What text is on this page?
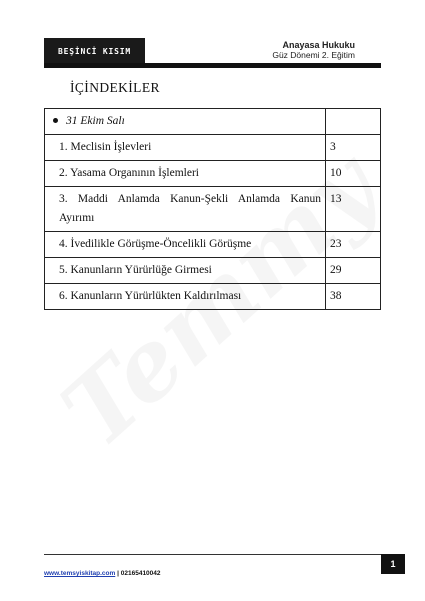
BEŞİNCİ KISIM
Anayasa Hukuku
Güz Dönemi 2. Eğitim
İÇİNDEKİLER
31 Ekim Salı	
1. Meclisin İşlevleri	3
2. Yasama Organının İşlemleri	10

3. Maddi Anlamda Kanun-Şekli Anlamda Kanun
Ayırımı	13
4. İvedilikle Görüşme-Öncelikli Görüşme	23
5. Kanunların Yürürlüğe Girmesi	29
6. Kanunların Yürürlükten Kaldırılması	38
1
www.temsyiskitap.com | 02165410042
